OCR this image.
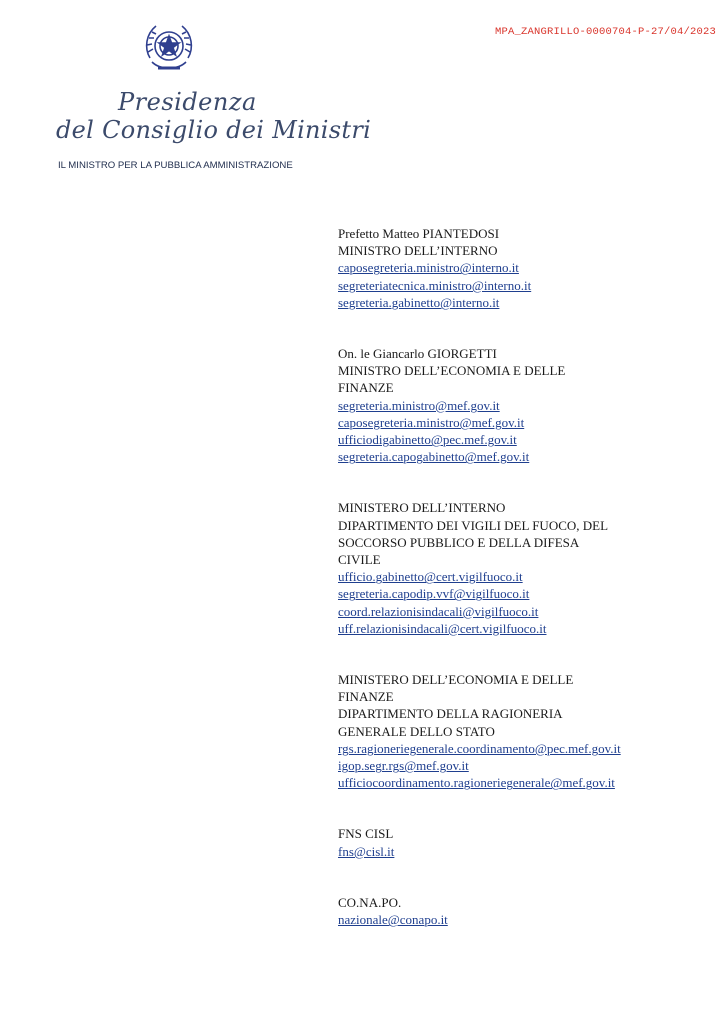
MPA_ZANGRILLO-0000704-P-27/04/2023
Presidenza
del Consiglio dei Ministri
IL MINISTRO PER LA PUBBLICA AMMINISTRAZIONE
Prefetto Matteo PIANTEDOSI
MINISTRO DELL’INTERNO
caposegreteria.ministro@interno.it
segreteriatecnica.ministro@interno.it
segreteria.gabinetto@interno.it
On. le Giancarlo GIORGETTI
MINISTRO DELL’ECONOMIA E DELLE
FINANZE
segreteria.ministro@mef.gov.it
caposegreteria.ministro@mef.gov.it
ufficiodigabinetto@pec.mef.gov.it
segreteria.capogabinetto@mef.gov.it
MINISTERO DELL’INTERNO
DIPARTIMENTO DEI VIGILI DEL FUOCO, DEL
SOCCORSO PUBBLICO E DELLA DIFESA
CIVILE
ufficio.gabinetto@cert.vigilfuoco.it
segreteria.capodip.vvf@vigilfuoco.it
coord.relazionisindacali@vigilfuoco.it
uff.relazionisindacali@cert.vigilfuoco.it
MINISTERO DELL’ECONOMIA E DELLE
FINANZE
DIPARTIMENTO DELLA RAGIONERIA
GENERALE DELLO STATO
rgs.ragioneriegenerale.coordinamento@pec.mef.gov.it
igop.segr.rgs@mef.gov.it
ufficiocoordinamento.ragioneriegenerale@mef.gov.it
FNS CISL
fns@cisl.it
CO.NA.PO.
nazionale@conapo.it
